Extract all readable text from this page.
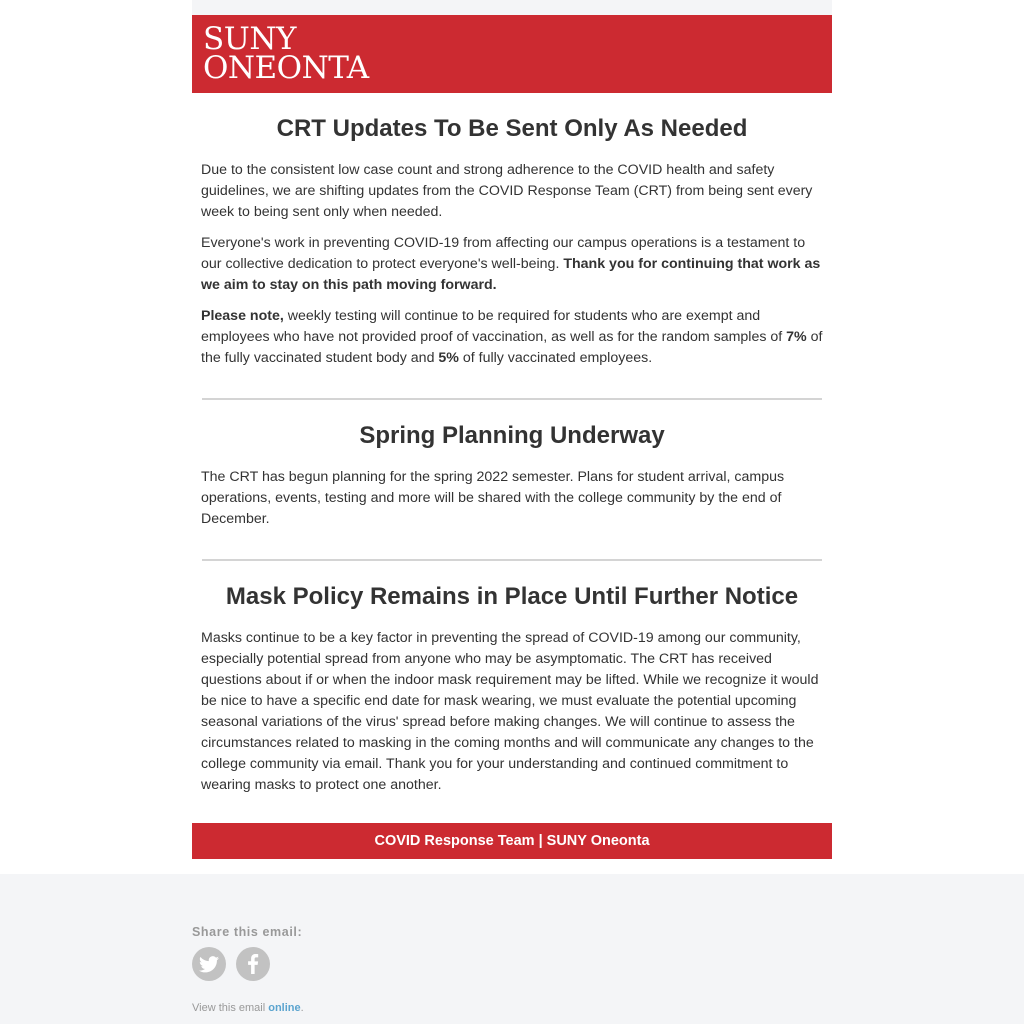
SUNY
ONEONTA
CRT Updates To Be Sent Only As Needed

Due to the consistent low case count and strong adherence to the COVID health and safety guidelines, we are shifting updates from the COVID Response Team (CRT) from being sent every week to being sent only when needed.

Everyone's work in preventing COVID-19 from affecting our campus operations is a testament to our collective dedication to protect everyone's well-being. Thank you for continuing that work as we aim to stay on this path moving forward.

Please note, weekly testing will continue to be required for students who are exempt and employees who have not provided proof of vaccination, as well as for the random samples of 7% of the fully vaccinated student body and 5% of fully vaccinated employees.

Spring Planning Underway

The CRT has begun planning for the spring 2022 semester. Plans for student arrival, campus operations, events, testing and more will be shared with the college community by the end of December.

Mask Policy Remains in Place Until Further Notice

Masks continue to be a key factor in preventing the spread of COVID-19 among our community, especially potential spread from anyone who may be asymptomatic. The CRT has received questions about if or when the indoor mask requirement may be lifted. While we recognize it would be nice to have a specific end date for mask wearing, we must evaluate the potential upcoming seasonal variations of the virus' spread before making changes. We will continue to assess the circumstances related to masking in the coming months and will communicate any changes to the college community via email. Thank you for your understanding and continued commitment to wearing masks to protect one another.

COVID Response Team | SUNY Oneonta
Share this email:
View this email online.
